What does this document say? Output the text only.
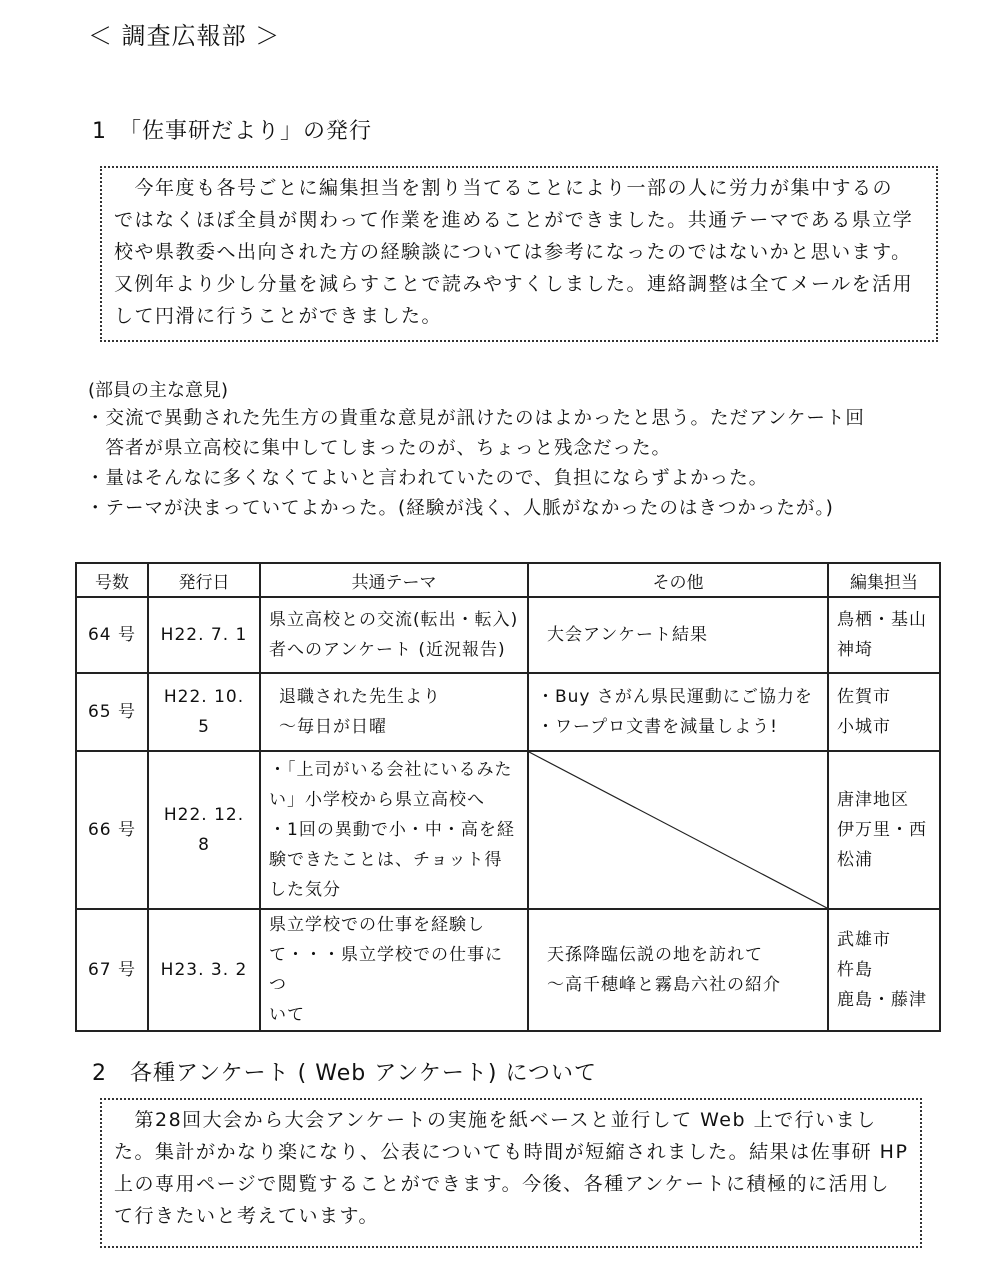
＜ 調査広報部 ＞
1　「佐事研だより」の発行

　今年度も各号ごとに編集担当を割り当てることにより一部の人に労力が集中するの

ではなくほぼ全員が関わって作業を進めることができました。共通テーマである県立学

校や県教委へ出向された方の経験談については参考になったのではないかと思います。

又例年より少し分量を減らすことで読みやすくしました。連絡調整は全てメールを活用

して円滑に行うことができました。

(部員の主な意見)
・交流で異動された先生方の貴重な意見が訊けたのはよかったと思う。ただアンケート回
　答者が県立高校に集中してしまったのが、ちょっと残念だった。
・量はそんなに多くなくてよいと言われていたので、負担にならずよかった。
・テーマが決まっていてよかった。(経験が浅く、人脈がなかったのはきつかったが。)
号数	発行日	共通テーマ	その他	編集担当
64 号	H22. 7. 1	県立高校との交流(転出・転入)
者へのアンケート (近況報告)	大会アンケート結果	鳥栖・基山
神埼
65 号	H22. 10. 5	退職された先生より
〜毎日が日曜	・Buy さがん県民運動にご協力を
・ワープロ文書を減量しよう!	佐賀市
小城市
66 号	H22. 12. 8	・「上司がいる会社にいるみた
い」小学校から県立高校へ
・1回の異動で小・中・高を経
験できたことは、チョット得
した気分		唐津地区
伊万里・西
松浦
67 号	H23. 3. 2	県立学校での仕事を経験し
て・・・県立学校での仕事につ
いて	天孫降臨伝説の地を訪れて
〜高千穂峰と霧島六社の紹介	武雄市
杵島
鹿島・藤津
2　各種アンケート ( Web アンケート) について

　第28回大会から大会アンケートの実施を紙ベースと並行して Web 上で行いまし

た。集計がかなり楽になり、公表についても時間が短縮されました。結果は佐事研 HP

上の専用ページで閲覧することができます。今後、各種アンケートに積極的に活用し

て行きたいと考えています。
